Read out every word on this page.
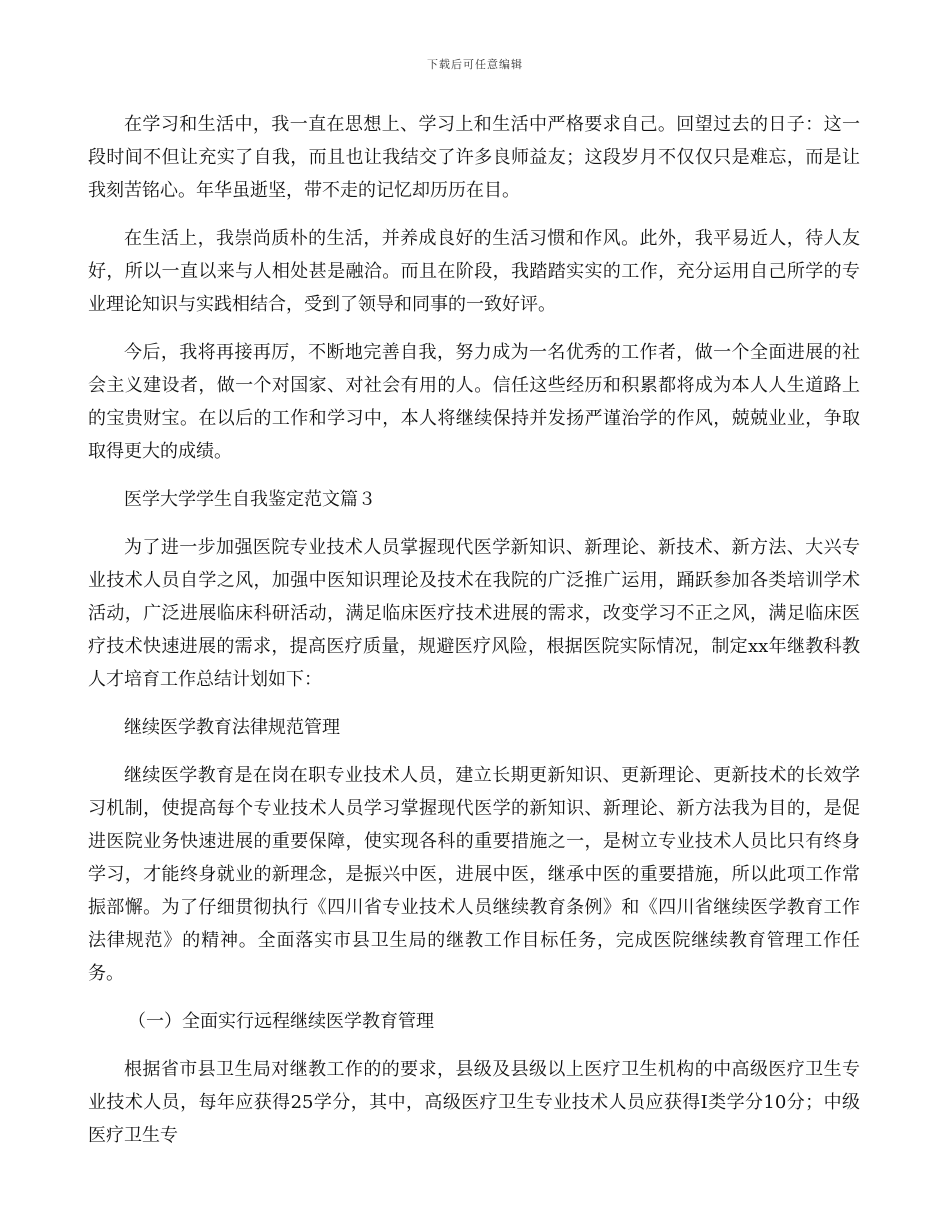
下载后可任意编辑

在学习和生活中，我一直在思想上、学习上和生活中严格要求自己。回望过去的日子：这一段时间不但让充实了自我，而且也让我结交了许多良师益友；这段岁月不仅仅只是难忘，而是让我刻苦铭心。年华虽逝坚，带不走的记忆却历历在目。

在生活上，我崇尚质朴的生活，并养成良好的生活习惯和作风。此外，我平易近人，待人友好，所以一直以来与人相处甚是融洽。而且在阶段，我踏踏实实的工作，充分运用自己所学的专业理论知识与实践相结合，受到了领导和同事的一致好评。

今后，我将再接再厉，不断地完善自我，努力成为一名优秀的工作者，做一个全面进展的社会主义建设者，做一个对国家、对社会有用的人。信任这些经历和积累都将成为本人人生道路上的宝贵财宝。在以后的工作和学习中，本人将继续保持并发扬严谨治学的作风，兢兢业业，争取取得更大的成绩。

医学大学学生自我鉴定范文篇３

为了进一步加强医院专业技术人员掌握现代医学新知识、新理论、新技术、新方法、大兴专业技术人员自学之风，加强中医知识理论及技术在我院的广泛推广运用，踊跃参加各类培训学术活动，广泛进展临床科研活动，满足临床医疗技术进展的需求，改变学习不正之风，满足临床医疗技术快速进展的需求，提高医疗质量，规避医疗风险，根据医院实际情况，制定xx年继教科教人才培育工作总结计划如下：

继续医学教育法律规范管理

继续医学教育是在岗在职专业技术人员，建立长期更新知识、更新理论、更新技术的长效学习机制，使提高每个专业技术人员学习掌握现代医学的新知识、新理论、新方法我为目的，是促进医院业务快速进展的重要保障，使实现各科的重要措施之一，是树立专业技术人员比只有终身学习，才能终身就业的新理念，是振兴中医，进展中医，继承中医的重要措施，所以此项工作常振部懈。为了仔细贯彻执行《四川省专业技术人员继续教育条例》和《四川省继续医学教育工作法律规范》的精神。全面落实市县卫生局的继教工作目标任务，完成医院继续教育管理工作任务。

（一）全面实行远程继续医学教育管理

根据省市县卫生局对继教工作的的要求，县级及县级以上医疗卫生机构的中高级医疗卫生专业技术人员，每年应获得25学分，其中，高级医疗卫生专业技术人员应获得Ⅰ类学分10分；中级医疗卫生专
